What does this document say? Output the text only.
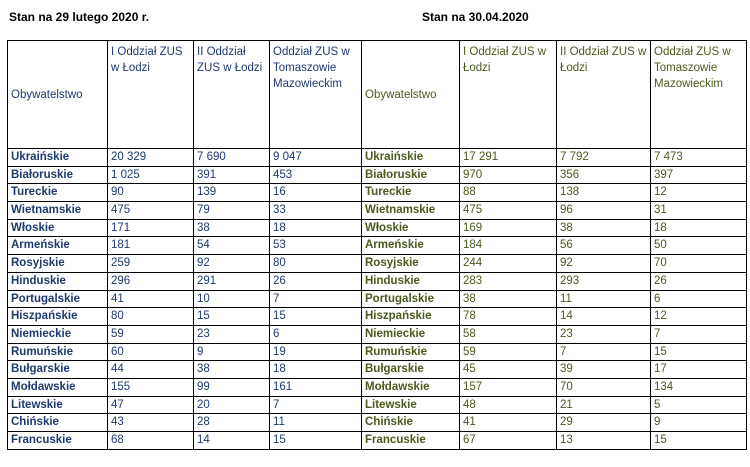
Stan na 29 lutego 2020 r.	Stan na 30.04.2020
Obywatelstwo	I Oddział ZUS w Łodzi	II Oddział ZUS w Łodzi	Oddział ZUS w Tomaszowie Mazowieckim	Obywatelstwo	I Oddział ZUS w Łodzi	II Oddział ZUS w Łodzi	Oddział ZUS w Tomaszowie Mazowieckim
Ukraińskie	20 329	7 690	9 047	Ukraińskie	17 291	7 792	7 473
Białoruskie	1 025	391	453	Białoruskie	970	356	397
Tureckie	90	139	16	Tureckie	88	138	12
Wietnamskie	475	79	33	Wietnamskie	475	96	31
Włoskie	171	38	18	Włoskie	169	38	18
Armeńskie	181	54	53	Armeńskie	184	56	50
Rosyjskie	259	92	80	Rosyjskie	244	92	70
Hinduskie	296	291	26	Hinduskie	283	293	26
Portugalskie	41	10	7	Portugalskie	38	11	6
Hiszpańskie	80	15	15	Hiszpańskie	78	14	12
Niemieckie	59	23	6	Niemieckie	58	23	7
Rumuńskie	60	9	19	Rumuńskie	59	7	15
Bułgarskie	44	38	18	Bułgarskie	45	39	17
Mołdawskie	155	99	161	Mołdawskie	157	70	134
Litewskie	47	20	7	Litewskie	48	21	5
Chińskie	43	28	11	Chińskie	41	29	9
Francuskie	68	14	15	Francuskie	67	13	15
